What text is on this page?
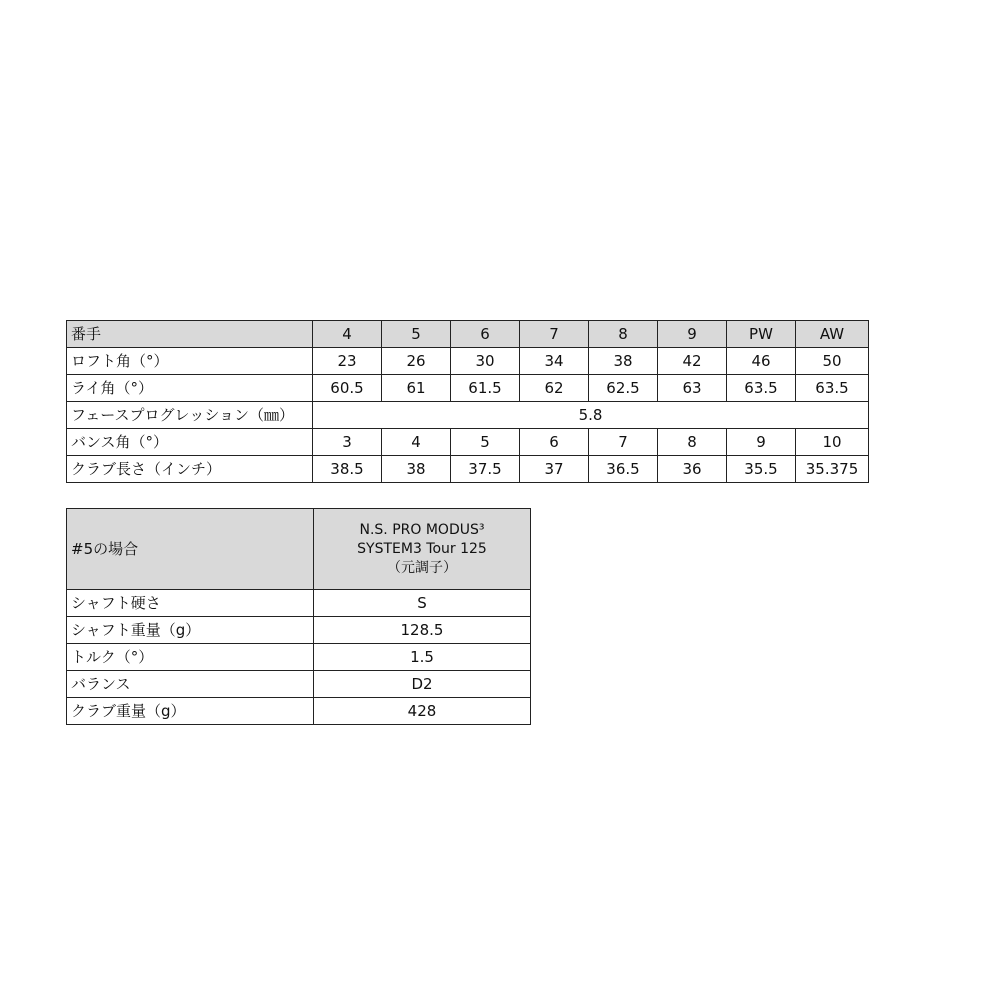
番手	4	5	6	7	8	9	PW	AW
ロフト角（°）	23	26	30	34	38	42	46	50
ライ角（°）	60.5	61	61.5	62	62.5	63	63.5	63.5
フェースプログレッション（㎜）	5.8							
バンス角（°）	3	4	5	6	7	8	9	10
クラブ長さ（インチ）	38.5	38	37.5	37	36.5	36	35.5	35.375
#5の場合	N.S. PRO MODUS³
SYSTEM3 Tour 125
（元調子）

シャフト硬さ	S
シャフト重量（g）	128.5
トルク（°）	1.5
バランス	D2
クラブ重量（g）	428
